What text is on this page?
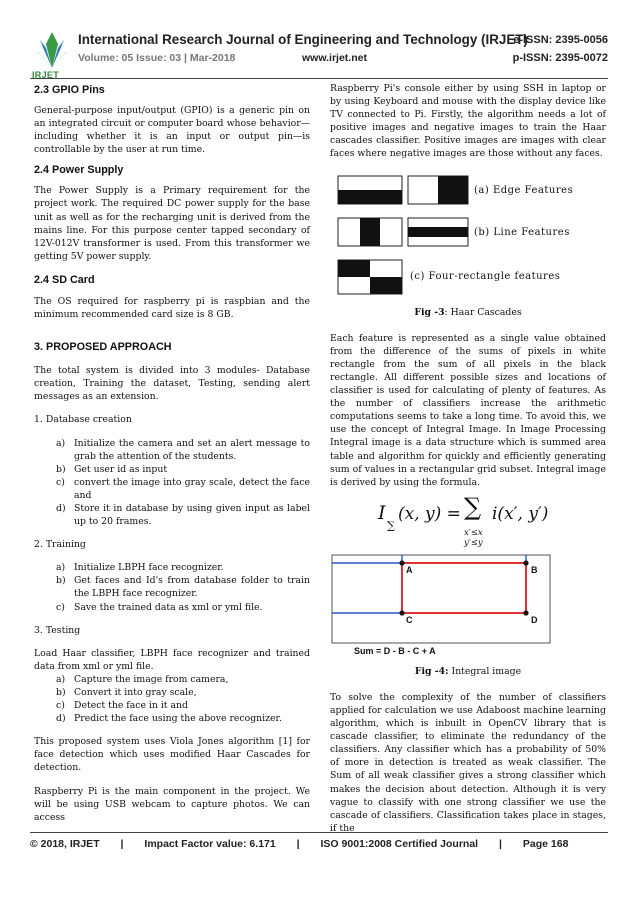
IRJET
International Research Journal of Engineering and Technology (IRJET)
e-ISSN: 2395-0056
Volume: 05 Issue: 03 | Mar-2018	www.irjet.net	p-ISSN: 2395-0072
2.3 GPIO Pins

General-purpose input/output (GPIO) is a generic pin on an integrated circuit or computer board whose behavior—including whether it is an input or output pin—is controllable by the user at run time.

2.4 Power Supply

The Power Supply is a Primary requirement for the project work. The required DC power supply for the base unit as well as for the recharging unit is derived from the mains line. For this purpose center tapped secondary of 12V-012V transformer is used. From this transformer we getting 5V power supply.

2.4 SD Card

The OS required for raspberry pi is raspbian and the minimum recommended card size is 8 GB.

3. PROPOSED APPROACH

The total system is divided into 3 modules- Database creation, Training the dataset, Testing, sending alert messages as an extension.

1. Database creation

a) Initialize the camera and set an alert message to grab the attention of the students.
b) Get user id as input
c) convert the image into gray scale, detect the face and
d) Store it in database by using given input as label up to 20 frames.

2. Training

a) Initialize LBPH face recognizer.
b) Get faces and Id's from database folder to train the LBPH face recognizer.
c) Save the trained data as xml or yml file.

3. Testing

Load Haar classifier, LBPH face recognizer and trained data from xml or yml file.

a) Capture the image from camera,
b) Convert it into gray scale,
c) Detect the face in it and
d) Predict the face using the above recognizer.

This proposed system uses Viola Jones algorithm [1] for face detection which uses modified Haar Cascades for detection.

Raspberry Pi is the main component in the project. We will be using USB webcam to capture photos. We can access

Raspberry Pi's console either by using SSH in laptop or by using Keyboard and mouse with the display device like TV connected to Pi. Firstly, the algorithm needs a lot of positive images and negative images to train the Haar cascades classifier. Positive images are images with clear faces where negative images are those without any faces.

(a) Edge Features
(b) Line Features
(c) Four-rectangle features

Fig -3: Haar Cascades

Each feature is represented as a single value obtained from the difference of the sums of pixels in white rectangle from the sum of all pixels in the black rectangle. All different possible sizes and locations of classifier is used for calculating of plenty of features. As the number of classifiers increase the arithmetic computations seems to take a long time. To avoid this, we use the concept of Integral Image. In Image Processing Integral image is a data structure which is summed area table and algorithm for quickly and efficiently generating sum of values in a rectangular grid subset. Integral image is derived by using the formula.

I
∑
(x, y) = ∑
x′≤x
y′≤y
i(x′, y′)
A	B
C	D
Sum = D - B - C + A

Fig -4: Integral image

To solve the complexity of the number of classifiers applied for calculation we use Adaboost machine learning algorithm, which is inbuilt in OpenCV library that is cascade classifier, to eliminate the redundancy of the classifiers. Any classifier which has a probability of 50% of more in detection is treated as weak classifier. The Sum of all weak classifier gives a strong classifier which makes the decision about detection. Although it is very vague to classify with one strong classifier we use the cascade of classifiers. Classification takes place in stages, if the

© 2018, IRJET | Impact Factor value: 6.171 | ISO 9001:2008 Certified Journal | Page 168
